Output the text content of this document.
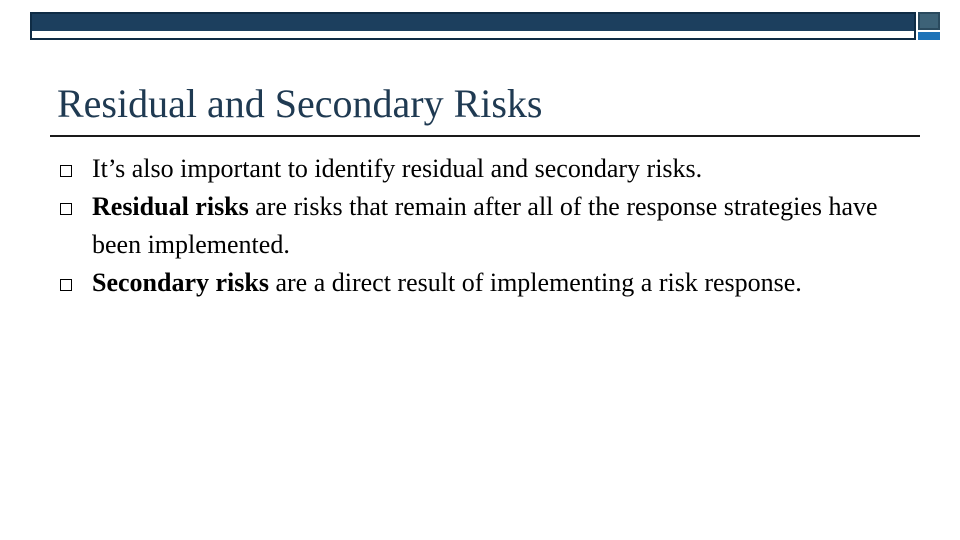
Residual and Secondary Risks
It’s also important to identify residual and secondary risks.
Residual risks are risks that remain after all of the response strategies have been implemented.
Secondary risks are a direct result of implementing a risk response.
